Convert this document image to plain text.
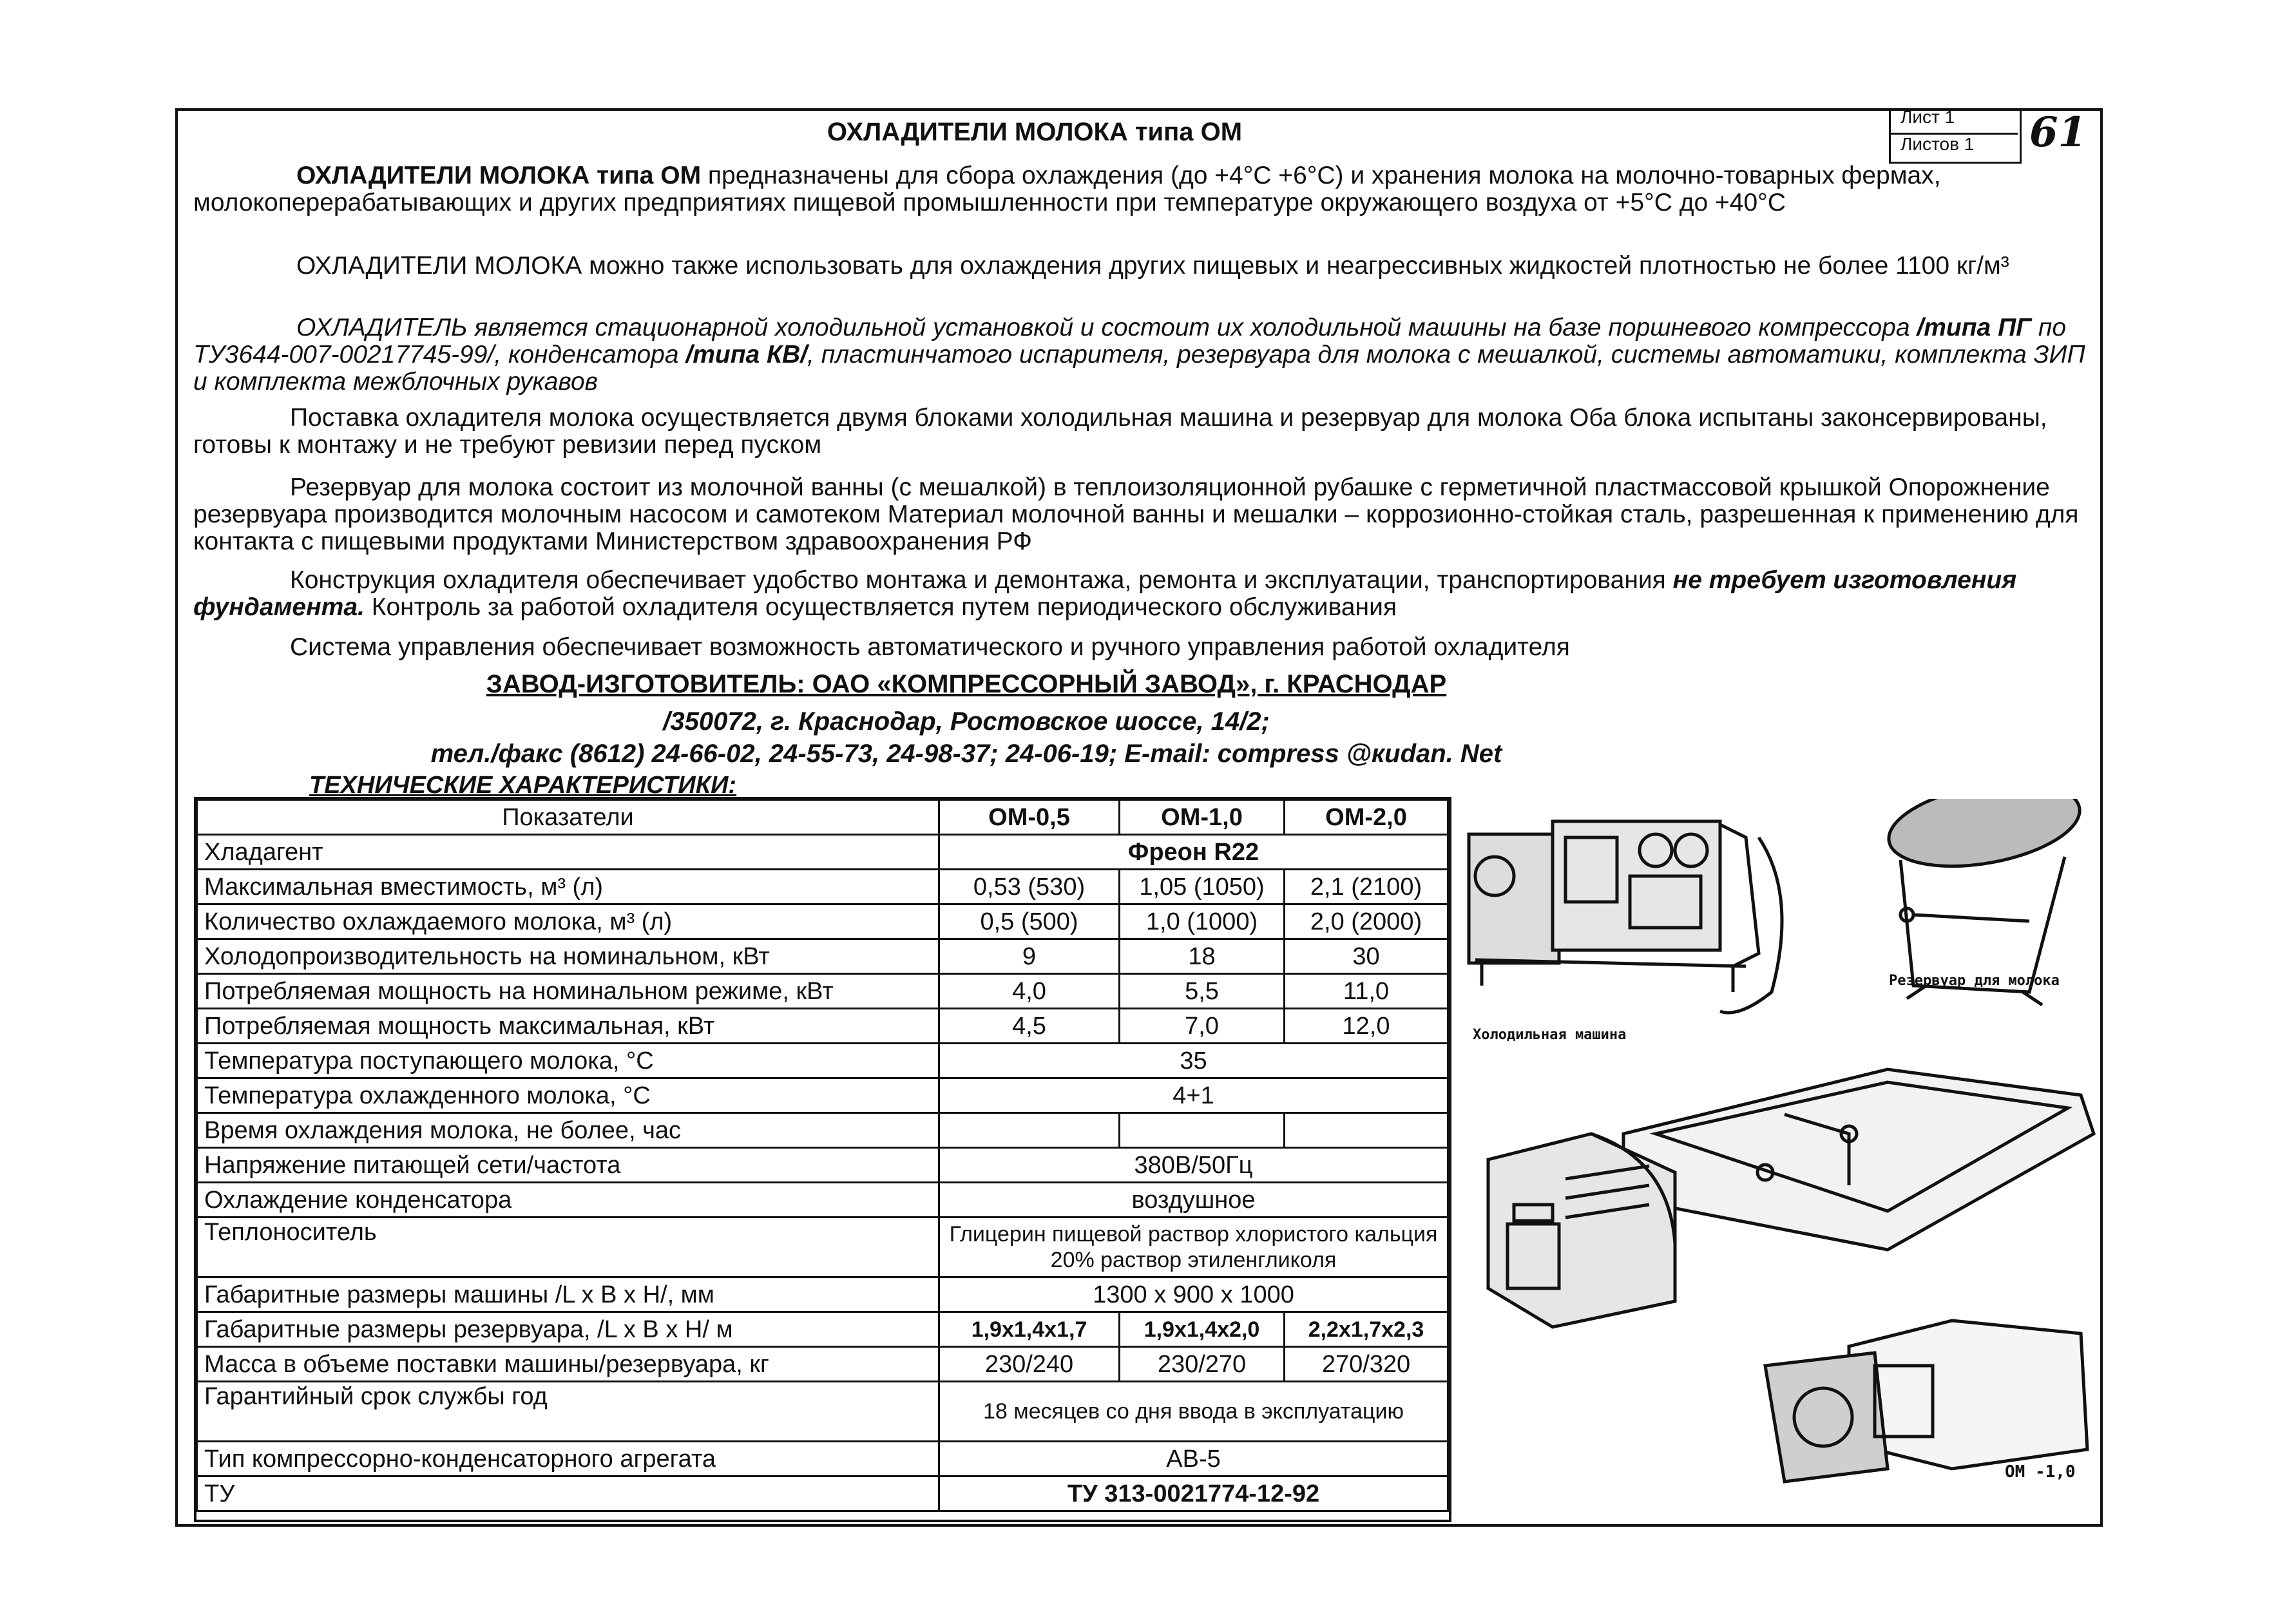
ОХЛАДИТЕЛИ МОЛОКА типа ОМ
Лист 1
Листов 1 61
ОХЛАДИТЕЛИ МОЛОКА типа ОМ предназначены для сбора охлаждения (до +4°С +6°С) и хранения молока на молочно-товарных фермах, молокоперерабатывающих и других предприятиях пищевой промышленности при температуре окружающего воздуха от +5°С до +40°С
ОХЛАДИТЕЛИ МОЛОКА можно также использовать для охлаждения других пищевых и неагрессивных жидкостей плотностью не более 1100 кг/м³
ОХЛАДИТЕЛЬ является стационарной холодильной установкой и состоит их холодильной машины на базе поршневого компрессора /типа ПГ по ТУ3644-007-00217745-99/, конденсатора /типа КВ/, пластинчатого испарителя, резервуара для молока с мешалкой, системы автоматики, комплекта ЗИП и комплекта межблочных рукавов
Поставка охладителя молока осуществляется двумя блоками холодильная машина и резервуар для молока Оба блока испытаны законсервированы, готовы к монтажу и не требуют ревизии перед пуском
Резервуар для молока состоит из молочной ванны (с мешалкой) в теплоизоляционной рубашке с герметичной пластмассовой крышкой Опорожнение резервуара производится молочным насосом и самотеком Материал молочной ванны и мешалки – коррозионно-стойкая сталь, разрешенная к применению для контакта с пищевыми продуктами Министерством здравоохранения РФ
Конструкция охладителя обеспечивает удобство монтажа и демонтажа, ремонта и эксплуатации, транспортирования не требует изготовления фундамента. Контроль за работой охладителя осуществляется путем периодического обслуживания
Система управления обеспечивает возможность автоматического и ручного управления работой охладителя
ЗАВОД-ИЗГОТОВИТЕЛЬ: ОАО «КОМПРЕССОРНЫЙ ЗАВОД», г. КРАСНОДАР
/350072, г. Краснодар, Ростовское шоссе, 14/2;
тел./факс (8612) 24-66-02, 24-55-73, 24-98-37; 24-06-19; E-mail: compress @кudan. Net
ТЕХНИЧЕСКИЕ ХАРАКТЕРИСТИКИ:
Показатели	ОМ-0,5	ОМ-1,0	ОМ-2,0
Хладагент	Фреон R22		
Максимальная вместимость, м³ (л)	0,53 (530)	1,05 (1050)	2,1 (2100)
Количество охлаждаемого молока, м³ (л)	0,5 (500)	1,0 (1000)	2,0 (2000)
Холодопроизводительность на номинальном, кВт	9	18	30
Потребляемая мощность на номинальном режиме, кВт	4,0	5,5	11,0
Потребляемая мощность максимальная, кВт	4,5	7,0	12,0
Температура поступающего молока, °С	35		
Температура охлажденного молока, °С	4+1		
Время охлаждения молока, не более, час			
Напряжение питающей сети/частота	380В/50Гц		
Охлаждение конденсатора	воздушное		
Теплоноситель	Глицерин пищевой раствор хлористого кальция 20% раствор этиленгликоля		
Габаритные размеры машины /L x B x H/, мм	1300 х 900 х 1000		
Габаритные размеры резервуара, /L x B x H/ м	1,9x1,4x1,7	1,9x1,4x2,0	2,2x1,7x2,3
Масса в объеме поставки машины/резервуара, кг	230/240	230/270	270/320
Гарантийный срок службы год	18 месяцев со дня ввода в эксплуатацию		
Тип компрессорно-конденсаторного агрегата	АВ-5		
ТУ	ТУ 313-0021774-12-92		
Резервуар для молока
Холодильная машина
ОМ -1,0
